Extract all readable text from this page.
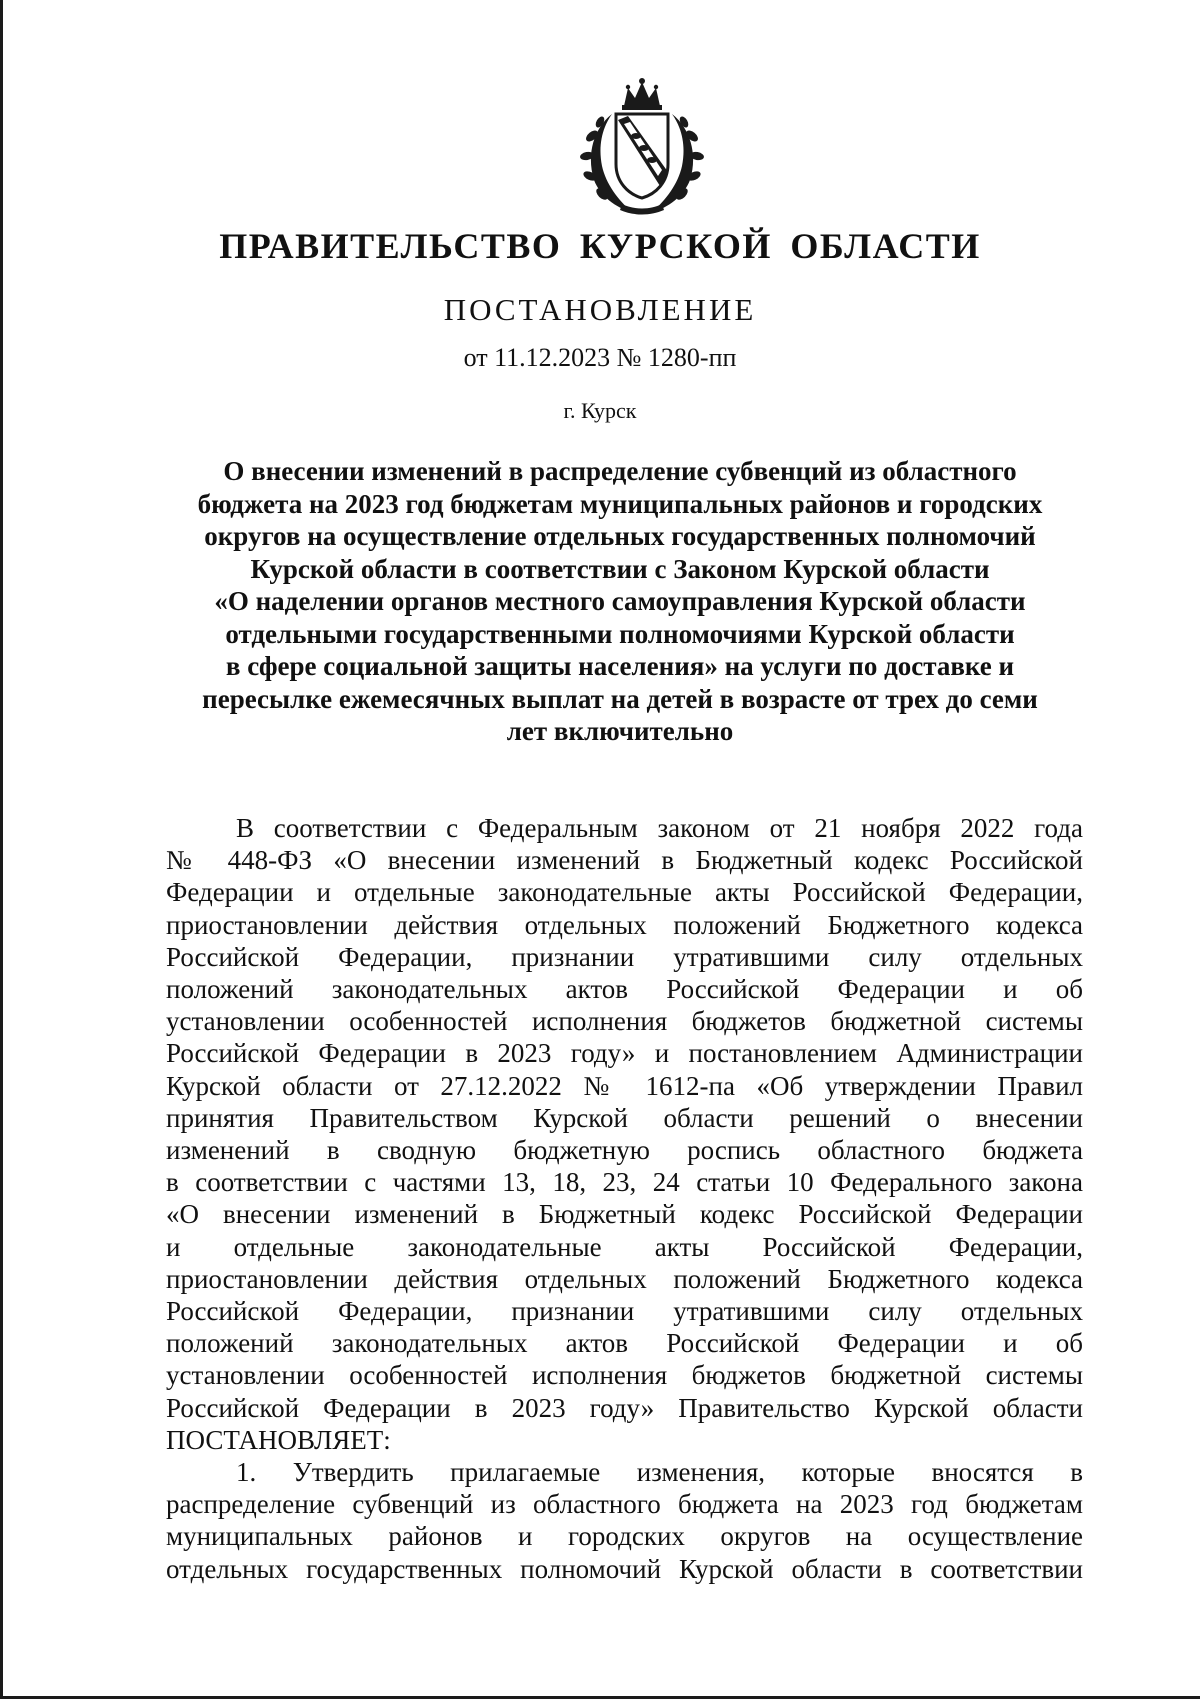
ПРАВИТЕЛЬСТВО КУРСКОЙ ОБЛАСТИ
ПОСТАНОВЛЕНИЕ
от 11.12.2023 № 1280-пп
г. Курск
О внесении изменений в распределение субвенций из областного
бюджета на 2023 год бюджетам муниципальных районов и городских
округов на осуществление отдельных государственных полномочий
Курской области в соответствии с Законом Курской области
«О наделении органов местного самоуправления Курской области
отдельными государственными полномочиями Курской области
в сфере социальной защиты населения» на услуги по доставке и
пересылке ежемесячных выплат на детей в возрасте от трех до семи
лет включительно
В соответствии с Федеральным законом от 21 ноября 2022 года
№ 448-ФЗ «О внесении изменений в Бюджетный кодекс Российской
Федерации и отдельные законодательные акты Российской Федерации,
приостановлении действия отдельных положений Бюджетного кодекса
Российской Федерации, признании утратившими силу отдельных
положений законодательных актов Российской Федерации и об
установлении особенностей исполнения бюджетов бюджетной системы
Российской Федерации в 2023 году» и постановлением Администрации
Курской области от 27.12.2022 № 1612-па «Об утверждении Правил
принятия Правительством Курской области решений о внесении
изменений в сводную бюджетную роспись областного бюджета
в соответствии с частями 13, 18, 23, 24 статьи 10 Федерального закона
«О внесении изменений в Бюджетный кодекс Российской Федерации
и отдельные законодательные акты Российской Федерации,
приостановлении действия отдельных положений Бюджетного кодекса
Российской Федерации, признании утратившими силу отдельных
положений законодательных актов Российской Федерации и об
установлении особенностей исполнения бюджетов бюджетной системы
Российской Федерации в 2023 году» Правительство Курской области
ПОСТАНОВЛЯЕТ:
1. Утвердить прилагаемые изменения, которые вносятся в
распределение субвенций из областного бюджета на 2023 год бюджетам
муниципальных районов и городских округов на осуществление
отдельных государственных полномочий Курской области в соответствии
